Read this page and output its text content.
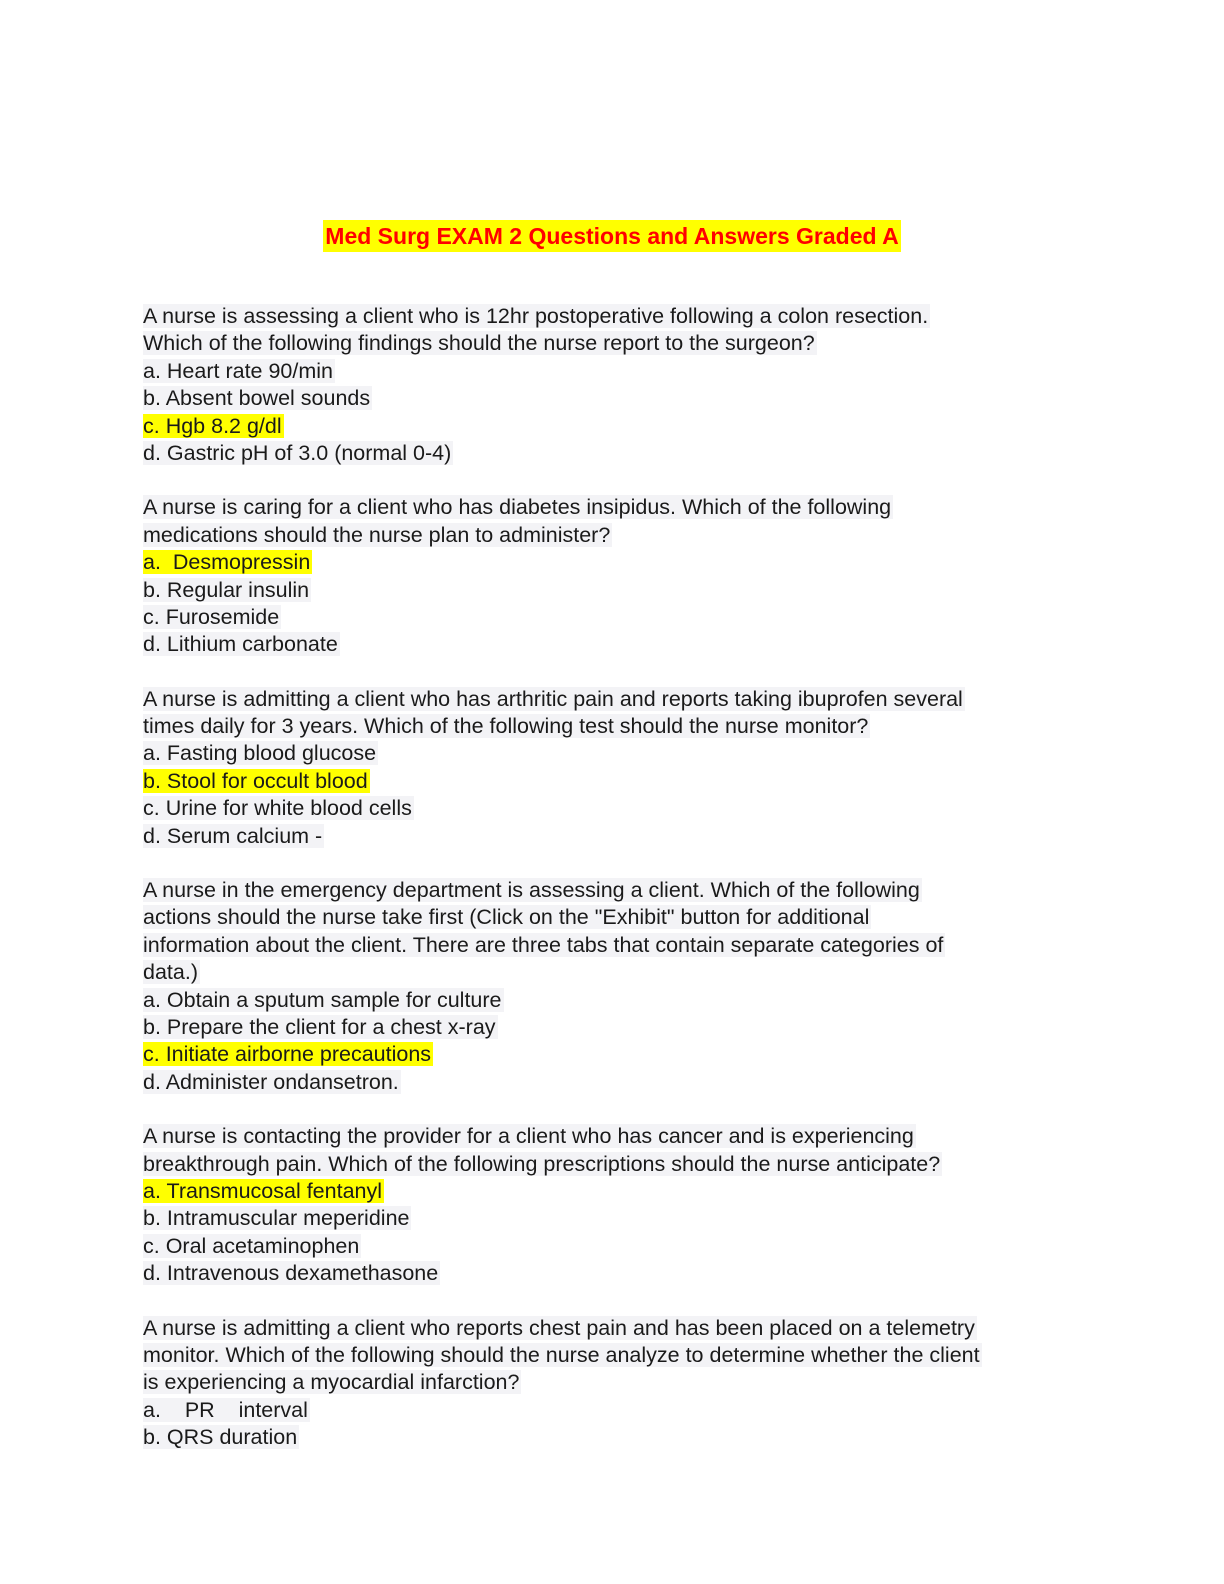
Med Surg EXAM 2 Questions and Answers Graded A
A nurse is assessing a client who is 12hr postoperative following a colon resection.
Which of the following findings should the nurse report to the surgeon?
a. Heart rate 90/min
b. Absent bowel sounds
c. Hgb 8.2 g/dl
d. Gastric pH of 3.0 (normal 0-4)
A nurse is caring for a client who has diabetes insipidus. Which of the following
medications should the nurse plan to administer?
a.  Desmopressin
b. Regular insulin
c. Furosemide
d. Lithium carbonate
A nurse is admitting a client who has arthritic pain and reports taking ibuprofen several
times daily for 3 years. Which of the following test should the nurse monitor?
a. Fasting blood glucose
b. Stool for occult blood
c. Urine for white blood cells
d. Serum calcium -
A nurse in the emergency department is assessing a client. Which of the following
actions should the nurse take first (Click on the "Exhibit" button for additional
information about the client. There are three tabs that contain separate categories of
data.)
a. Obtain a sputum sample for culture
b. Prepare the client for a chest x-ray
c. Initiate airborne precautions
d. Administer ondansetron.
A nurse is contacting the provider for a client who has cancer and is experiencing
breakthrough pain. Which of the following prescriptions should the nurse anticipate?
a. Transmucosal fentanyl
b. Intramuscular meperidine
c. Oral acetaminophen
d. Intravenous dexamethasone
A nurse is admitting a client who reports chest pain and has been placed on a telemetry
monitor. Which of the following should the nurse analyze to determine whether the client
is experiencing a myocardial infarction?
a.    PR    interval
b. QRS duration
